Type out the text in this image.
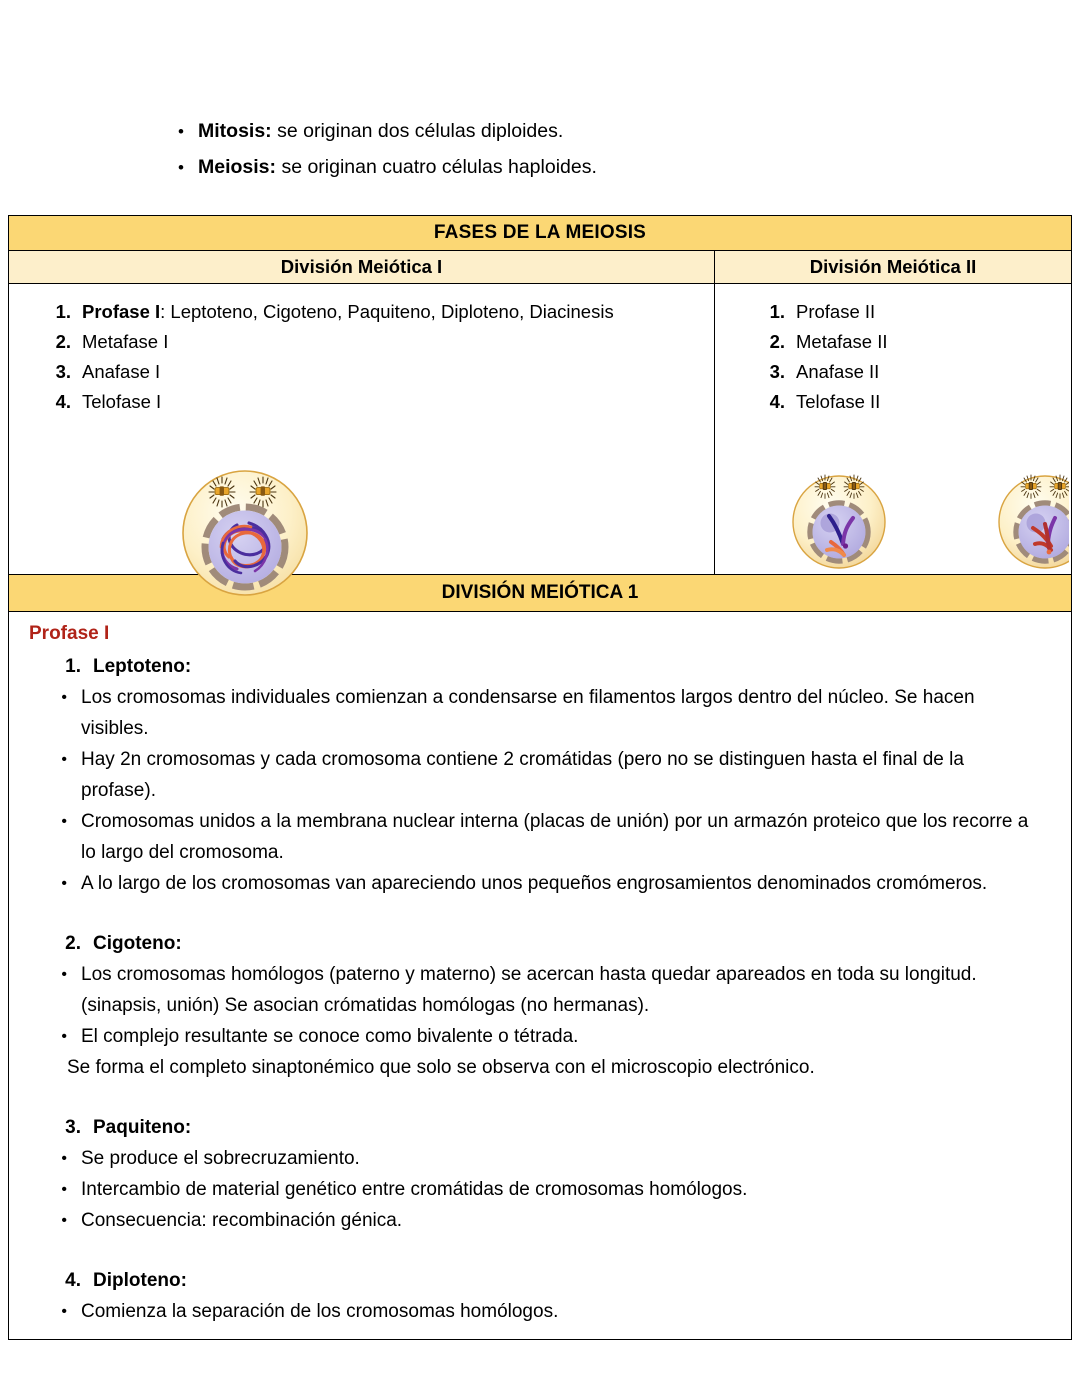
• Mitosis: se originan dos células diploides.
• Meiosis: se originan cuatro células haploides.
FASES DE LA MEIOSIS
División Meiótica I	División Meiótica II
1. Profase I: Leptoteno, Cigoteno, Paquiteno, Diploteno, Diacinesis
2. Metafase I
3. Anafase I
4. Telofase I
1. Profase II
2. Metafase II
3. Anafase II
4. Telofase II
DIVISIÓN MEIÓTICA 1
Profase I
1. Leptoteno:
• Los cromosomas individuales comienzan a condensarse en filamentos largos dentro del núcleo. Se hacen visibles.
• Hay 2n cromosomas y cada cromosoma contiene 2 cromátidas (pero no se distinguen hasta el final de la profase).
• Cromosomas unidos a la membrana nuclear interna (placas de unión) por un armazón proteico que los recorre a lo largo del cromosoma.
• A lo largo de los cromosomas van apareciendo unos pequeños engrosamientos denominados cromómeros.
2. Cigoteno:
• Los cromosomas homólogos (paterno y materno) se acercan hasta quedar apareados en toda su longitud. (sinapsis, unión) Se asocian crómatidas homólogas (no hermanas).
• El complejo resultante se conoce como bivalente o tétrada.
Se forma el completo sinaptonémico que solo se observa con el microscopio electrónico.
3. Paquiteno:
• Se produce el sobrecruzamiento.
• Intercambio de material genético entre cromátidas de cromosomas homólogos.
• Consecuencia: recombinación génica.
4. Diploteno:
• Comienza la separación de los cromosomas homólogos.
